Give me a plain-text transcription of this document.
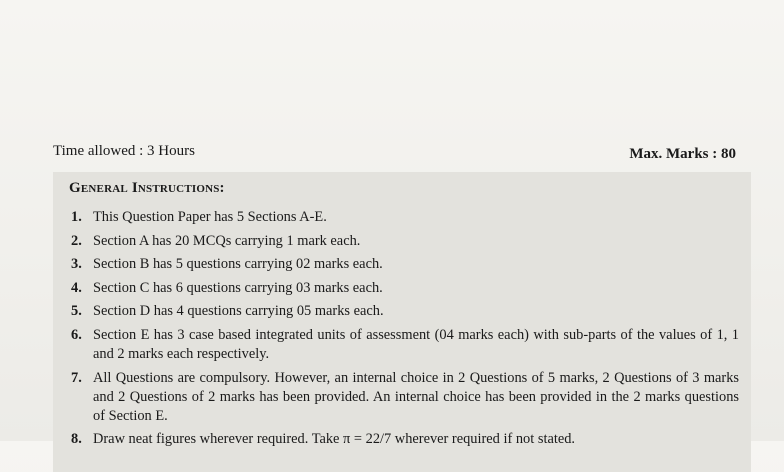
Time allowed : 3 Hours	Max. Marks : 80
General Instructions:
1. This Question Paper has 5 Sections A-E.
2. Section A has 20 MCQs carrying 1 mark each.
3. Section B has 5 questions carrying 02 marks each.
4. Section C has 6 questions carrying 03 marks each.
5. Section D has 4 questions carrying 05 marks each.
6. Section E has 3 case based integrated units of assessment (04 marks each) with sub-parts of the values of 1, 1 and 2 marks each respectively.
7. All Questions are compulsory. However, an internal choice in 2 Questions of 5 marks, 2 Questions of 3 marks and 2 Questions of 2 marks has been provided. An internal choice has been provided in the 2 marks questions of Section E.
8. Draw neat figures wherever required. Take π = 22/7 wherever required if not stated.
